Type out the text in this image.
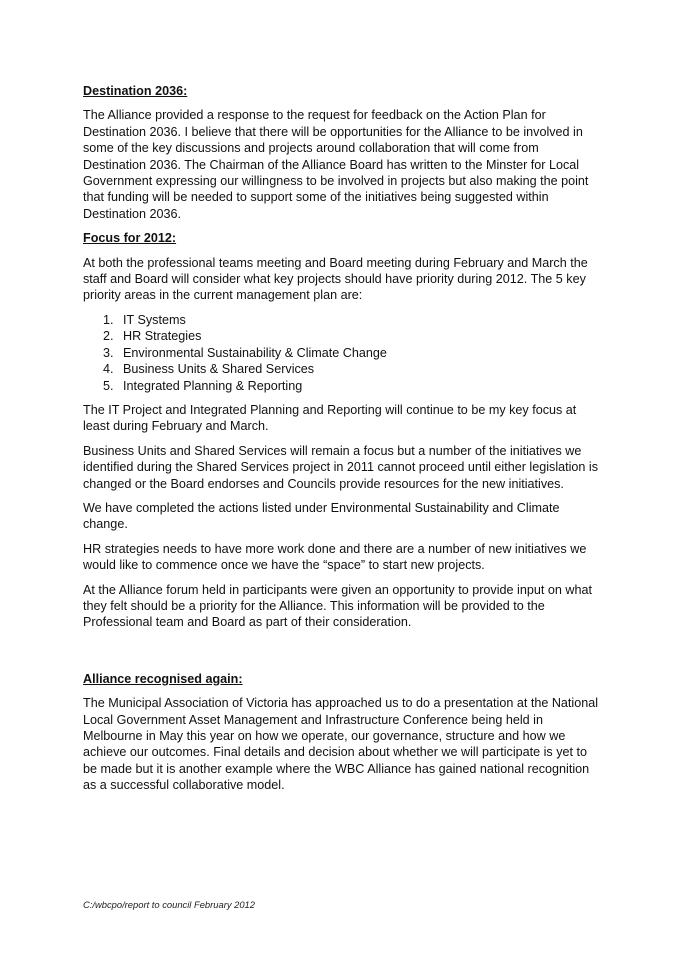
Destination 2036:

The Alliance provided a response to the request for feedback on the Action Plan for Destination 2036. I believe that there will be opportunities for the Alliance to be involved in some of the key discussions and projects around collaboration that will come from Destination 2036. The Chairman of the Alliance Board has written to the Minster for Local Government expressing our willingness to be involved in projects but also making the point that funding will be needed to support some of the initiatives being suggested within Destination 2036.

Focus for 2012:

At both the professional teams meeting and Board meeting during February and March the staff and Board will consider what key projects should have priority during 2012. The 5 key priority areas in the current management plan are:

1. IT Systems
2. HR Strategies
3. Environmental Sustainability & Climate Change
4. Business Units & Shared Services
5. Integrated Planning & Reporting

The IT Project and Integrated Planning and Reporting will continue to be my key focus at least during February and March.

Business Units and Shared Services will remain a focus but a number of the initiatives we identified during the Shared Services project in 2011 cannot proceed until either legislation is changed or the Board endorses and Councils provide resources for the new initiatives.

We have completed the actions listed under Environmental Sustainability and Climate change.

HR strategies needs to have more work done and there are a number of new initiatives we would like to commence once we have the “space” to start new projects.

At the Alliance forum held in participants were given an opportunity to provide input on what they felt should be a priority for the Alliance. This information will be provided to the Professional team and Board as part of their consideration.

Alliance recognised again:

The Municipal Association of Victoria has approached us to do a presentation at the National Local Government Asset Management and Infrastructure Conference being held in Melbourne in May this year on how we operate, our governance, structure and how we achieve our outcomes. Final details and decision about whether we will participate is yet to be made but it is another example where the WBC Alliance has gained national recognition as a successful collaborative model.

C:/wbcpo/report to council February 2012
